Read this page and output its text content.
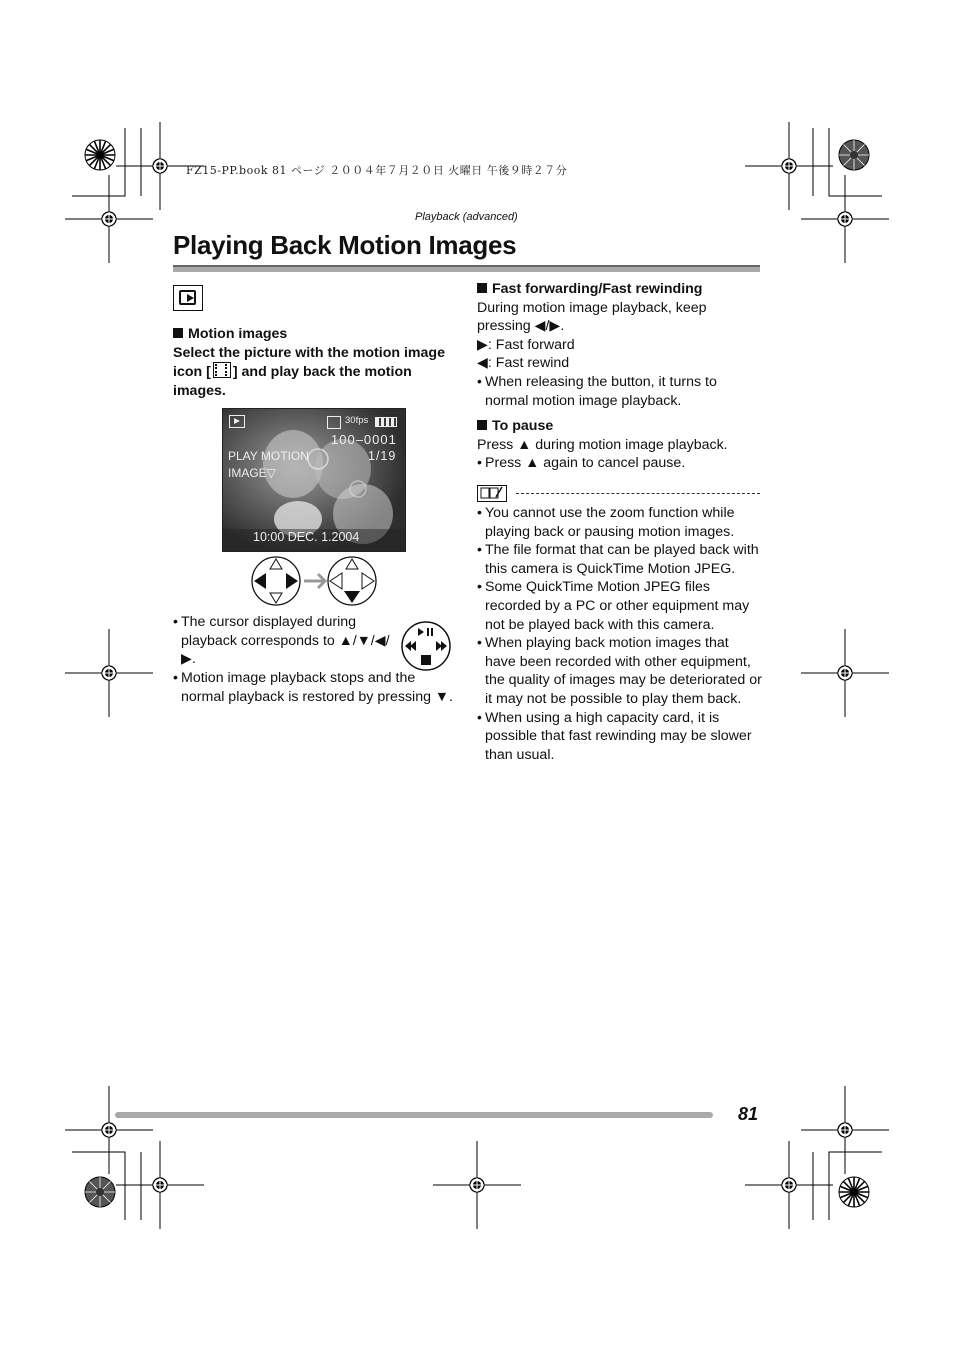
FZ15-PP.book 81 ページ ２００４年７月２０日 火曜日 午後９時２７分
Playback (advanced)
Playing Back Motion Images
Motion images
Select the picture with the motion image icon [ ] and play back the motion images.
30fps
100–0001
PLAY MOTION	1/19
IMAGE▽
10:00 DEC. 1.2004
• The cursor displayed during playback corresponds to ▲/▼/◀/▶.
• Motion image playback stops and the normal playback is restored by pressing ▼.
Fast forwarding/Fast rewinding
During motion image playback, keep pressing ◀/▶.
▶: Fast forward
◀: Fast rewind
• When releasing the button, it turns to normal motion image playback.
To pause
Press ▲ during motion image playback.
• Press ▲ again to cancel pause.
• You cannot use the zoom function while playing back or pausing motion images.
• The file format that can be played back with this camera is QuickTime Motion JPEG.
• Some QuickTime Motion JPEG files recorded by a PC or other equipment may not be played back with this camera.
• When playing back motion images that have been recorded with other equipment, the quality of images may be deteriorated or it may not be possible to play them back.
• When using a high capacity card, it is possible that fast rewinding may be slower than usual.
81
